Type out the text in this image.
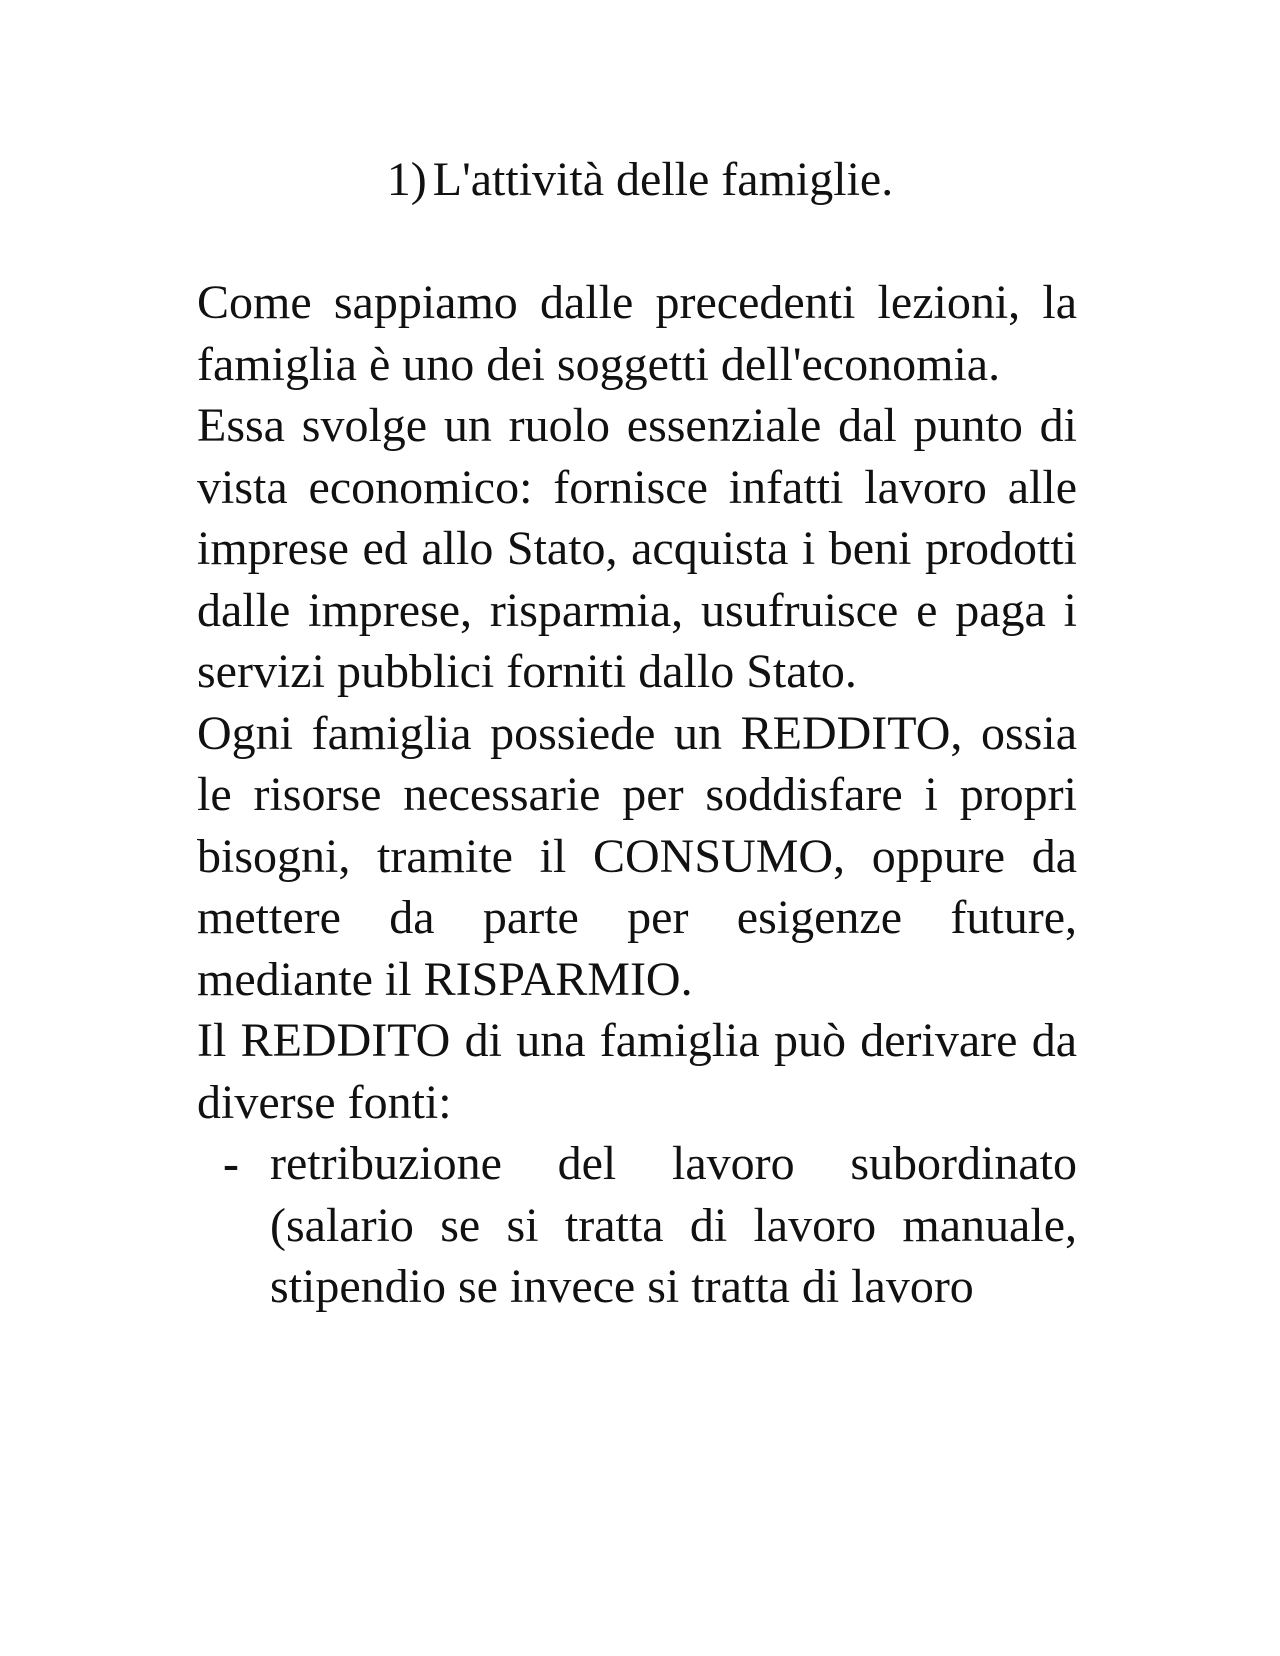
1) L'attività delle famiglie.

Come sappiamo dalle precedenti lezioni, la famiglia è uno dei soggetti dell'economia.

Essa svolge un ruolo essenziale dal punto di vista economico: fornisce infatti lavoro alle imprese ed allo Stato, acquista i beni prodotti dalle imprese, risparmia, usufruisce e paga i servizi pubblici forniti dallo Stato.

Ogni famiglia possiede un REDDITO, ossia le risorse necessarie per soddisfare i propri bisogni, tramite il CONSUMO, oppure da mettere da parte per esigenze future, mediante il RISPARMIO.

Il REDDITO di una famiglia può derivare da diverse fonti:

- retribuzione del lavoro subordinato (salario se si tratta di lavoro manuale, stipendio se invece si tratta di lavoro
